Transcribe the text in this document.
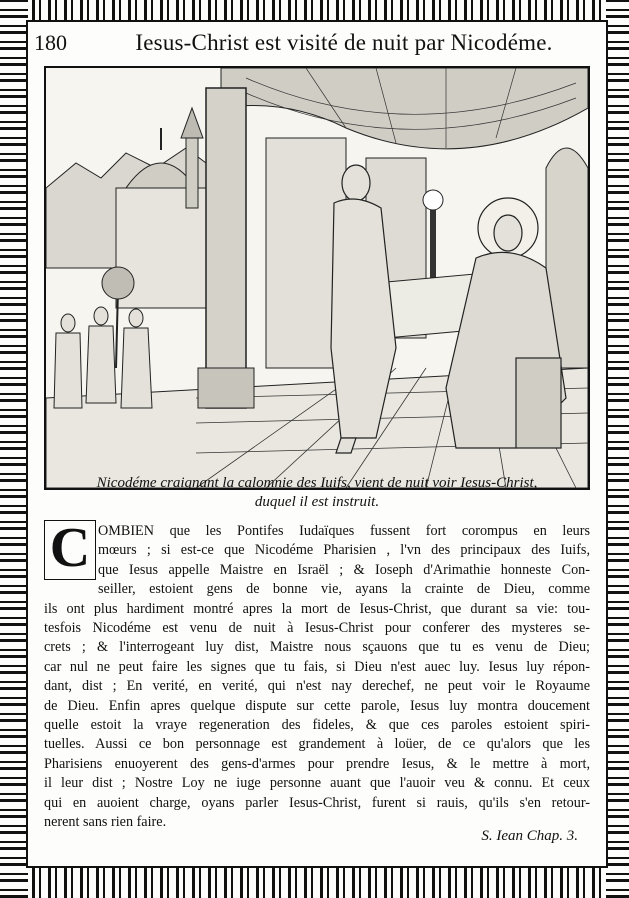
180	Iesus-Christ est visité de nuit par Nicodéme.
Nicodéme craignant la calomnie des Iuifs, vient de nuit voir Iesus-Christ,
duquel il est instruit.
C OMBIEN que les Pontifes Iudaïques fussent fort corompus en leurs
mœurs ; si est-ce que Nicodéme Pharisien , l'vn des principaux des Iuifs,
que Iesus appelle Maistre en Israël ; & Ioseph d'Arimathie honneste Con-
seiller, estoient gens de bonne vie, ayans la crainte de Dieu, comme
ils ont plus hardiment montré apres la mort de Iesus-Christ, que durant sa vie: tou-
tesfois Nicodéme est venu de nuit à Iesus-Christ pour conferer des mysteres se-
crets ; & l'interrogeant luy dist, Maistre nous sçauons que tu es venu de Dieu;
car nul ne peut faire les signes que tu fais, si Dieu n'est auec luy. Iesus luy répon-
dant, dist ; En verité, en verité, qui n'est nay derechef, ne peut voir le Royaume
de Dieu. Enfin apres quelque dispute sur cette parole, Iesus luy montra doucement
quelle estoit la vraye regeneration des fideles, & que ces paroles estoient spiri-
tuelles. Aussi ce bon personnage est grandement à loüer, de ce qu'alors que les
Pharisiens enuoyerent des gens-d'armes pour prendre Iesus, & le mettre à mort,
il leur dist ; Nostre Loy ne iuge personne auant que l'auoir veu & connu. Et ceux
qui en auoient charge, oyans parler Iesus-Christ, furent si rauis, qu'ils s'en retour-
nerent sans rien faire.
S. Iean Chap. 3.
